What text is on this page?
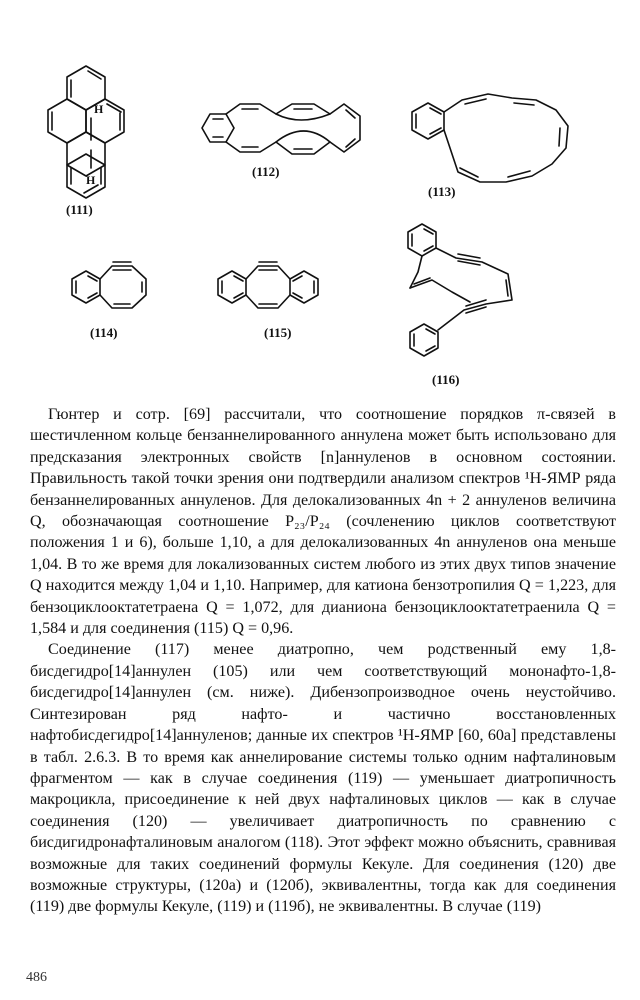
H
H
(111)
(112)
(113)
(114)	(115)
(116)

Гюнтер и сотр. [69] рассчитали, что соотношение порядков π-связей в шестичленном кольце бензаннелированного аннулена может быть использовано для предсказания электронных свойств [n]аннуленов в основном состоянии. Правильность такой точки зрения они подтвердили анализом спектров ¹H-ЯМР ряда бензаннелированных аннуленов. Для делокализованных 4n + 2 аннуленов величина Q, обозначающая соотношение P₂₃/P₂₄ (сочленению циклов соответствуют положения 1 и 6), больше 1,10, а для делокализованных 4n аннуленов она меньше 1,04. В то же время для локализованных систем любого из этих двух типов значение Q находится между 1,04 и 1,10. Например, для катиона бензотропилия Q = 1,223, для бензоциклооктатетраена Q = 1,072, для дианиона бензоциклооктатетраенила Q = 1,584 и для соединения (115) Q = 0,96.

Соединение (117) менее диатропно, чем родственный ему 1,8-бисдегидро[14]аннулен (105) или чем соответствующий мононафто-1,8-бисдегидро[14]аннулен (см. ниже). Дибензопроизводное очень неустойчиво. Синтезирован ряд нафто- и частично восстановленных нафтобисдегидро[14]аннуленов; данные их спектров ¹H-ЯМР [60, 60а] представлены в табл. 2.6.3. В то время как аннелирование системы только одним нафталиновым фрагментом — как в случае соединения (119) — уменьшает диатропичность макроцикла, присоединение к ней двух нафталиновых циклов — как в случае соединения (120) — увеличивает диатропичность по сравнению с бисдигидронафталиновым аналогом (118). Этот эффект можно объяснить, сравнивая возможные для таких соединений формулы Кекуле. Для соединения (120) две возможные структуры, (120а) и (120б), эквивалентны, тогда как для соединения (119) две формулы Кекуле, (119) и (119б), не эквивалентны. В случае (119)

486
